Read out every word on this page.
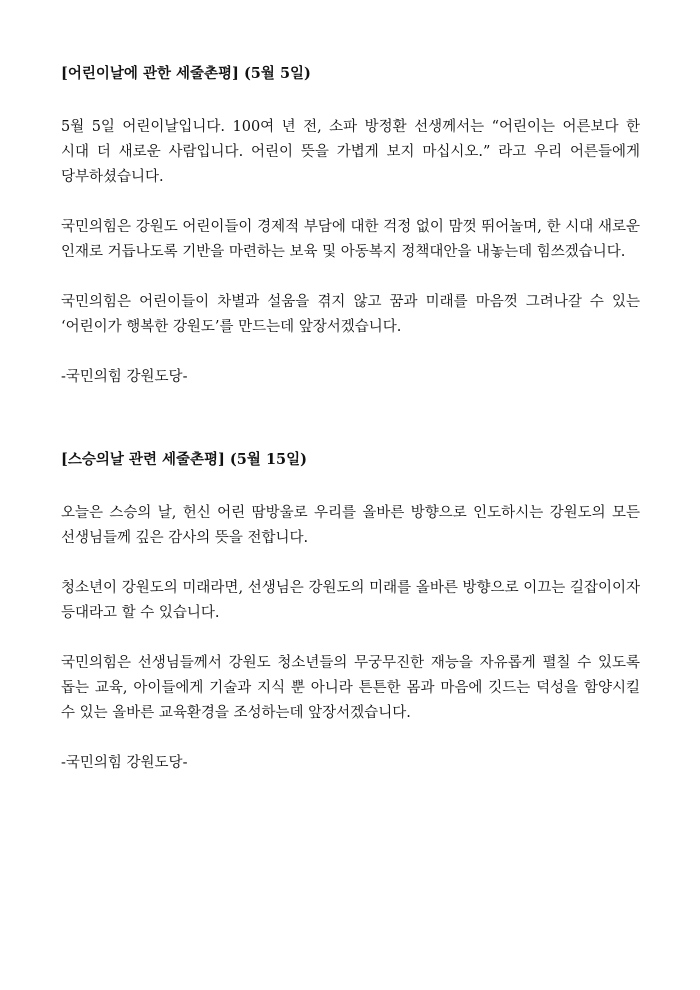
[어린이날에 관한 세줄촌평] (5월 5일)

5월 5일 어린이날입니다. 100여 년 전, 소파 방정환 선생께서는 “어린이는 어른보다 한 시대 더 새로운 사람입니다. 어린이 뜻을 가볍게 보지 마십시오.” 라고 우리 어른들에게 당부하셨습니다.

국민의힘은 강원도 어린이들이 경제적 부담에 대한 걱정 없이 맘껏 뛰어놀며, 한 시대 새로운 인재로 거듭나도록 기반을 마련하는 보육 및 아동복지 정책대안을 내놓는데 힘쓰겠습니다.

국민의힘은 어린이들이 차별과 설움을 겪지 않고 꿈과 미래를 마음껏 그려나갈 수 있는 ‘어린이가 행복한 강원도’를 만드는데 앞장서겠습니다.

-국민의힘 강원도당-

[스승의날 관련 세줄촌평] (5월 15일)

오늘은 스승의 날, 헌신 어린 땀방울로 우리를 올바른 방향으로 인도하시는 강원도의 모든 선생님들께 깊은 감사의 뜻을 전합니다.

청소년이 강원도의 미래라면, 선생님은 강원도의 미래를 올바른 방향으로 이끄는 길잡이이자 등대라고 할 수 있습니다.

국민의힘은 선생님들께서 강원도 청소년들의 무궁무진한 재능을 자유롭게 펼칠 수 있도록 돕는 교육, 아이들에게 기술과 지식 뿐 아니라 튼튼한 몸과 마음에 깃드는 덕성을 함양시킬 수 있는 올바른 교육환경을 조성하는데 앞장서겠습니다.

-국민의힘 강원도당-
